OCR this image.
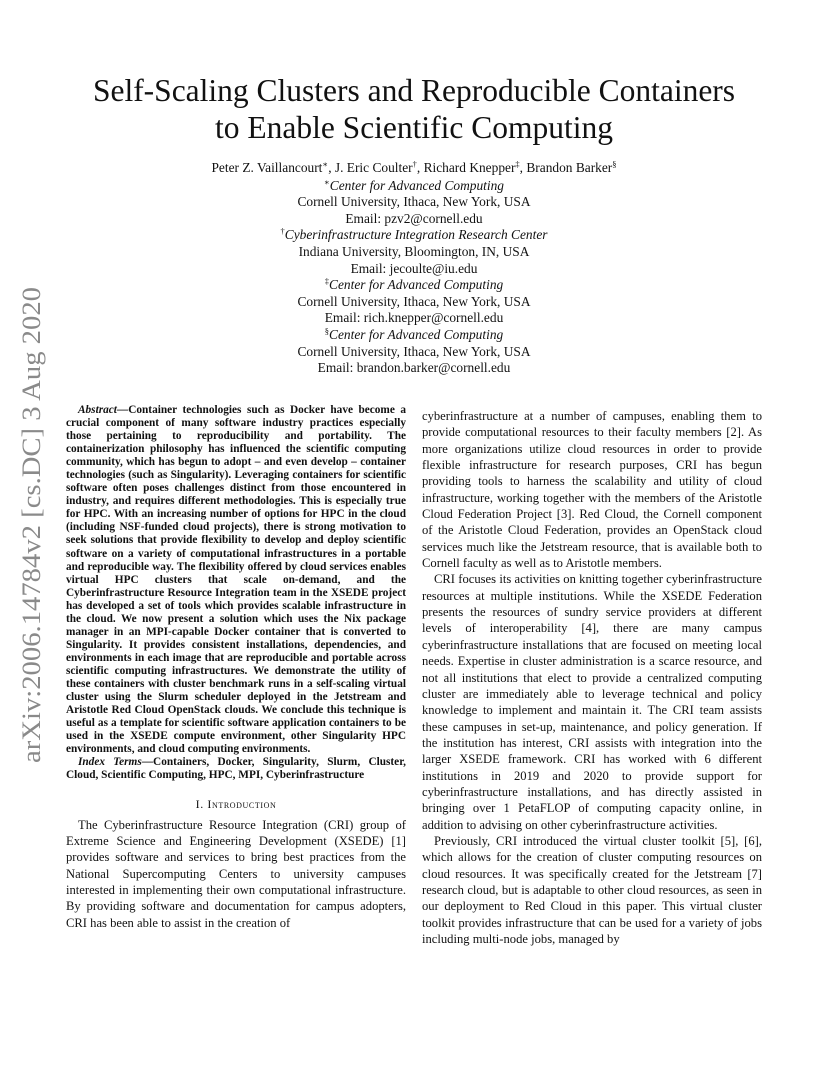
arXiv:2006.14784v2 [cs.DC] 3 Aug 2020
Self-Scaling Clusters and Reproducible Containers
to Enable Scientific Computing
Peter Z. Vaillancourt∗, J. Eric Coulter†, Richard Knepper‡, Brandon Barker§
∗Center for Advanced Computing
Cornell University, Ithaca, New York, USA
Email: pzv2@cornell.edu
†Cyberinfrastructure Integration Research Center
Indiana University, Bloomington, IN, USA
Email: jecoulte@iu.edu
‡Center for Advanced Computing
Cornell University, Ithaca, New York, USA
Email: rich.knepper@cornell.edu
§Center for Advanced Computing
Cornell University, Ithaca, New York, USA
Email: brandon.barker@cornell.edu

Abstract—Container technologies such as Docker have become a crucial component of many software industry practices especially those pertaining to reproducibility and portability. The containerization philosophy has influenced the scientific computing community, which has begun to adopt – and even develop – container technologies (such as Singularity). Leveraging containers for scientific software often poses challenges distinct from those encountered in industry, and requires different methodologies. This is especially true for HPC. With an increasing number of options for HPC in the cloud (including NSF-funded cloud projects), there is strong motivation to seek solutions that provide flexibility to develop and deploy scientific software on a variety of computational infrastructures in a portable and reproducible way. The flexibility offered by cloud services enables virtual HPC clusters that scale on-demand, and the Cyberinfrastructure Resource Integration team in the XSEDE project has developed a set of tools which provides scalable infrastructure in the cloud. We now present a solution which uses the Nix package manager in an MPI-capable Docker container that is converted to Singularity. It provides consistent installations, dependencies, and environments in each image that are reproducible and portable across scientific computing infrastructures. We demonstrate the utility of these containers with cluster benchmark runs in a self-scaling virtual cluster using the Slurm scheduler deployed in the Jetstream and Aristotle Red Cloud OpenStack clouds. We conclude this technique is useful as a template for scientific software application containers to be used in the XSEDE compute environment, other Singularity HPC environments, and cloud computing environments.

Index Terms—Containers, Docker, Singularity, Slurm, Cluster, Cloud, Scientific Computing, HPC, MPI, Cyberinfrastructure

I. Introduction

The Cyberinfrastructure Resource Integration (CRI) group of Extreme Science and Engineering Development (XSEDE) [1] provides software and services to bring best practices from the National Supercomputing Centers to university campuses interested in implementing their own computational infrastructure. By providing software and documentation for campus adopters, CRI has been able to assist in the creation of

cyberinfrastructure at a number of campuses, enabling them to provide computational resources to their faculty members [2]. As more organizations utilize cloud resources in order to provide flexible infrastructure for research purposes, CRI has begun providing tools to harness the scalability and utility of cloud infrastructure, working together with the members of the Aristotle Cloud Federation Project [3]. Red Cloud, the Cornell component of the Aristotle Cloud Federation, provides an OpenStack cloud services much like the Jetstream resource, that is available both to Cornell faculty as well as to Aristotle members.

CRI focuses its activities on knitting together cyberinfrastructure resources at multiple institutions. While the XSEDE Federation presents the resources of sundry service providers at different levels of interoperability [4], there are many campus cyberinfrastructure installations that are focused on meeting local needs. Expertise in cluster administration is a scarce resource, and not all institutions that elect to provide a centralized computing cluster are immediately able to leverage technical and policy knowledge to implement and maintain it. The CRI team assists these campuses in set-up, maintenance, and policy generation. If the institution has interest, CRI assists with integration into the larger XSEDE framework. CRI has worked with 6 different institutions in 2019 and 2020 to provide support for cyberinfrastructure installations, and has directly assisted in bringing over 1 PetaFLOP of computing capacity online, in addition to advising on other cyberinfrastructure activities.

Previously, CRI introduced the virtual cluster toolkit [5], [6], which allows for the creation of cluster computing resources on cloud resources. It was specifically created for the Jetstream [7] research cloud, but is adaptable to other cloud resources, as seen in our deployment to Red Cloud in this paper. This virtual cluster toolkit provides infrastructure that can be used for a variety of jobs including multi-node jobs, managed by
